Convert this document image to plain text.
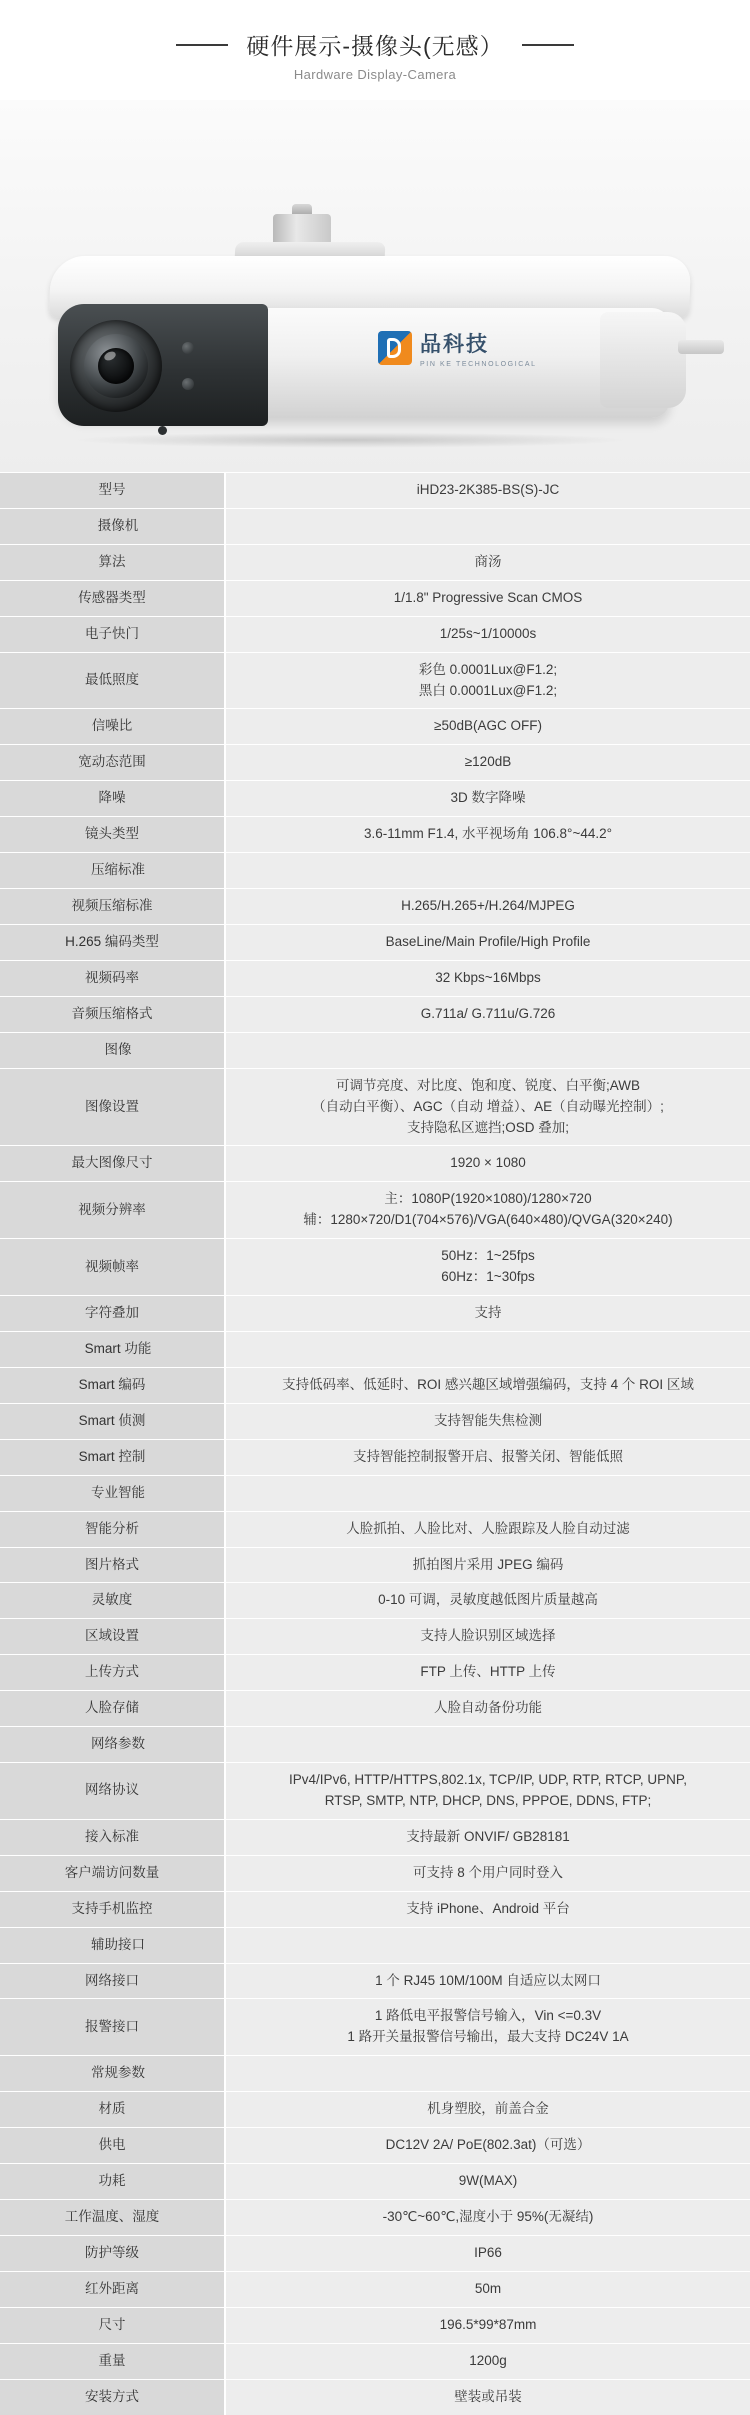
硬件展示-摄像头(无感）
Hardware Display-Camera
品科技
PIN KE TECHNOLOGICAL
型号	iHD23-2K385-BS(S)-JC
摄像机	
算法	商汤
传感器类型	1/1.8" Progressive Scan CMOS
电子快门	1/25s~1/10000s
最低照度	彩色 0.0001Lux@F1.2;
黑白 0.0001Lux@F1.2;
信噪比	≥50dB(AGC OFF)
宽动态范围	≥120dB
降噪	3D 数字降噪
镜头类型	3.6-11mm F1.4, 水平视场角 106.8°~44.2°
压缩标准	
视频压缩标准	H.265/H.265+/H.264/MJPEG
H.265 编码类型	BaseLine/Main Profile/High Profile
视频码率	32 Kbps~16Mbps
音频压缩格式	G.711a/ G.711u/G.726
图像	
图像设置	可调节亮度、对比度、饱和度、锐度、白平衡;AWB
（自动白平衡）、AGC（自动 增益）、AE（自动曝光控制）;
支持隐私区遮挡;OSD 叠加;
最大图像尺寸	1920 × 1080
视频分辨率	主：1080P(1920×1080)/1280×720
辅：1280×720/D1(704×576)/VGA(640×480)/QVGA(320×240)
视频帧率	50Hz：1~25fps
60Hz：1~30fps
字符叠加	支持
Smart 功能	
Smart 编码	支持低码率、低延时、ROI 感兴趣区域增强编码，支持 4 个 ROI 区域
Smart 侦测	支持智能失焦检测
Smart 控制	支持智能控制报警开启、报警关闭、智能低照
专业智能	
智能分析	人脸抓拍、人脸比对、人脸跟踪及人脸自动过滤
图片格式	抓拍图片采用 JPEG 编码
灵敏度	0-10 可调，灵敏度越低图片质量越高
区域设置	支持人脸识别区域选择
上传方式	FTP 上传、HTTP 上传
人脸存储	人脸自动备份功能
网络参数	
网络协议	IPv4/IPv6, HTTP/HTTPS,802.1x, TCP/IP, UDP, RTP, RTCP, UPNP,
RTSP, SMTP, NTP, DHCP, DNS, PPPOE, DDNS, FTP;
接入标准	支持最新 ONVIF/ GB28181
客户端访问数量	可支持 8 个用户同时登入
支持手机监控	支持 iPhone、Android 平台
辅助接口	
网络接口	1 个 RJ45 10M/100M 自适应以太网口
报警接口	1 路低电平报警信号输入，Vin <=0.3V
1 路开关量报警信号输出，最大支持 DC24V 1A
常规参数	
材质	机身塑胶，前盖合金
供电	DC12V 2A/ PoE(802.3at)（可选）
功耗	9W(MAX)
工作温度、湿度	-30℃~60℃,湿度小于 95%(无凝结)
防护等级	IP66
红外距离	50m
尺寸	196.5*99*87mm
重量	1200g
安装方式	壁装或吊装
